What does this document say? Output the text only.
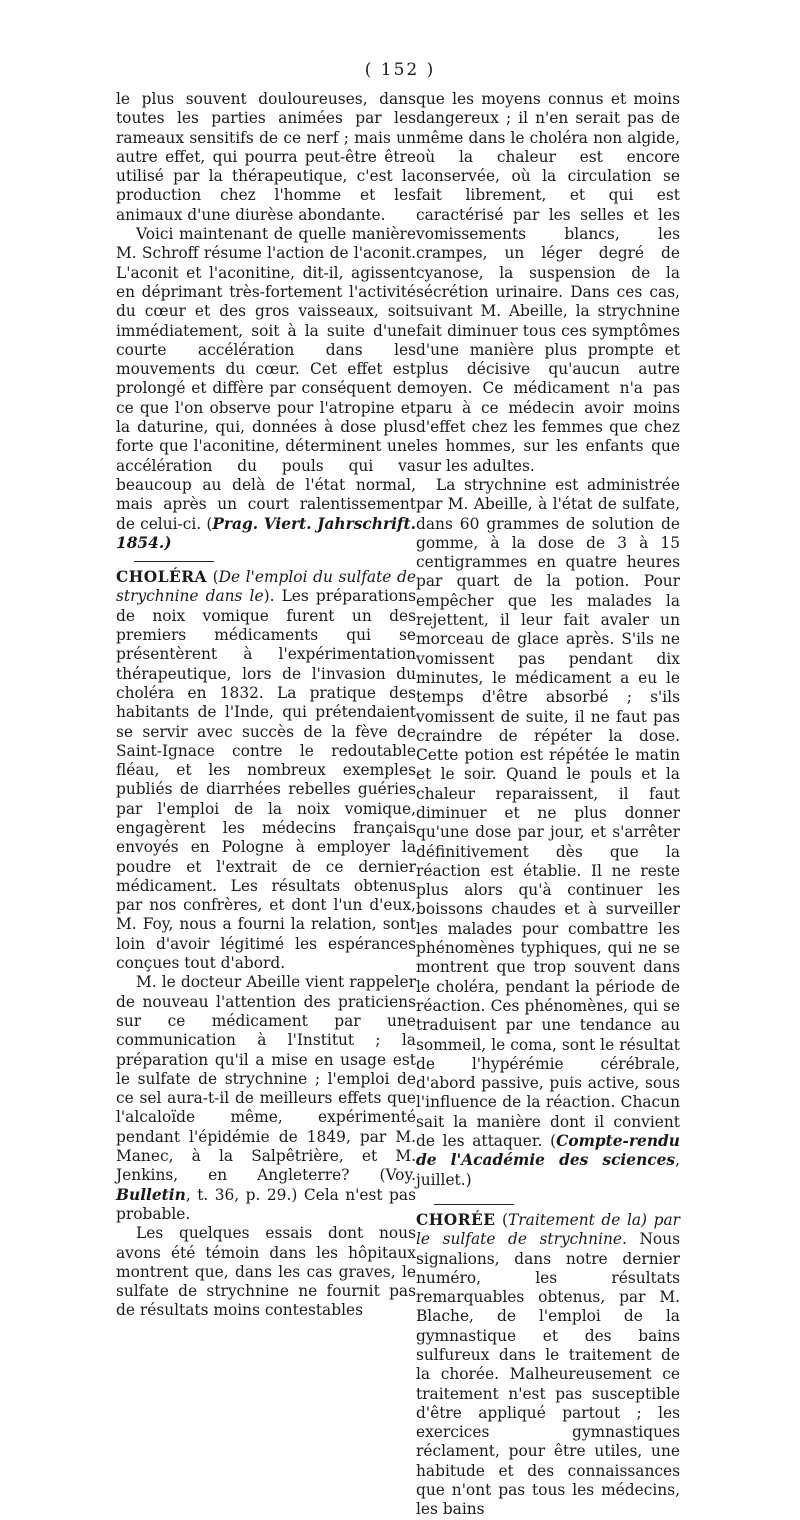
( 152 )

le plus souvent douloureuses, dans toutes les parties animées par les rameaux sensitifs de ce nerf ; mais un autre effet, qui pourra peut-être être utilisé par la thérapeutique, c'est la production chez l'homme et les animaux d'une diurèse abondante.

Voici maintenant de quelle manière M. Schroff résume l'action de l'aconit. L'aconit et l'aconitine, dit-il, agissent en déprimant très-fortement l'activité du cœur et des gros vaisseaux, soit immédiatement, soit à la suite d'une courte accélération dans les mouvements du cœur. Cet effet est prolongé et diffère par conséquent de ce que l'on observe pour l'atropine et la daturine, qui, données à dose plus forte que l'aconitine, déterminent une accélération du pouls qui va beaucoup au delà de l'état normal, mais après un court ralentissement de celui-ci. (Prag. Viert. Jahrschrift. 1854.)

CHOLÉRA (De l'emploi du sulfate de strychnine dans le). Les préparations de noix vomique furent un des premiers médicaments qui se présentèrent à l'expérimentation thérapeutique, lors de l'invasion du choléra en 1832. La pratique des habitants de l'Inde, qui prétendaient se servir avec succès de la fève de Saint-Ignace contre le redoutable fléau, et les nombreux exemples publiés de diarrhées rebelles guéries par l'emploi de la noix vomique, engagèrent les médecins français envoyés en Pologne à employer la poudre et l'extrait de ce dernier médicament. Les résultats obtenus par nos confrères, et dont l'un d'eux, M. Foy, nous a fourni la relation, sont loin d'avoir légitimé les espérances conçues tout d'abord.

M. le docteur Abeille vient rappeler de nouveau l'attention des praticiens sur ce médicament par une communication à l'Institut ; la préparation qu'il a mise en usage est le sulfate de strychnine ; l'emploi de ce sel aura-t-il de meilleurs effets que l'alcaloïde même, expérimenté pendant l'épidémie de 1849, par M. Manec, à la Salpêtrière, et M. Jenkins, en Angleterre? (Voy. Bulletin, t. 36, p. 29.) Cela n'est pas probable.

Les quelques essais dont nous avons été témoin dans les hôpitaux montrent que, dans les cas graves, le sulfate de strychnine ne fournit pas de résultats moins contestables

que les moyens connus et moins dangereux ; il n'en serait pas de même dans le choléra non algide, où la chaleur est encore conservée, où la circulation se fait librement, et qui est caractérisé par les selles et les vomissements blancs, les crampes, un léger degré de cyanose, la suspension de la sécrétion urinaire. Dans ces cas, suivant M. Abeille, la strychnine fait diminuer tous ces symptômes d'une manière plus prompte et plus décisive qu'aucun autre moyen. Ce médicament n'a pas paru à ce médecin avoir moins d'effet chez les femmes que chez les hommes, sur les enfants que sur les adultes.

La strychnine est administrée par M. Abeille, à l'état de sulfate, dans 60 grammes de solution de gomme, à la dose de 3 à 15 centigrammes en quatre heures par quart de la potion. Pour empêcher que les malades la rejettent, il leur fait avaler un morceau de glace après. S'ils ne vomissent pas pendant dix minutes, le médicament a eu le temps d'être absorbé ; s'ils vomissent de suite, il ne faut pas craindre de répéter la dose. Cette potion est répétée le matin et le soir. Quand le pouls et la chaleur reparaissent, il faut diminuer et ne plus donner qu'une dose par jour, et s'arrêter définitivement dès que la réaction est établie. Il ne reste plus alors qu'à continuer les boissons chaudes et à surveiller les malades pour combattre les phénomènes typhiques, qui ne se montrent que trop souvent dans le choléra, pendant la période de réaction. Ces phénomènes, qui se traduisent par une tendance au sommeil, le coma, sont le résultat de l'hypérémie cérébrale, d'abord passive, puis active, sous l'influence de la réaction. Chacun sait la manière dont il convient de les attaquer. (Compte-rendu de l'Académie des sciences, juillet.)

CHORÉE (Traitement de la) par le sulfate de strychnine. Nous signalions, dans notre dernier numéro, les résultats remarquables obtenus, par M. Blache, de l'emploi de la gymnastique et des bains sulfureux dans le traitement de la chorée. Malheureusement ce traitement n'est pas susceptible d'être appliqué partout ; les exercices gymnastiques réclament, pour être utiles, une habitude et des connaissances que n'ont pas tous les médecins, les bains
